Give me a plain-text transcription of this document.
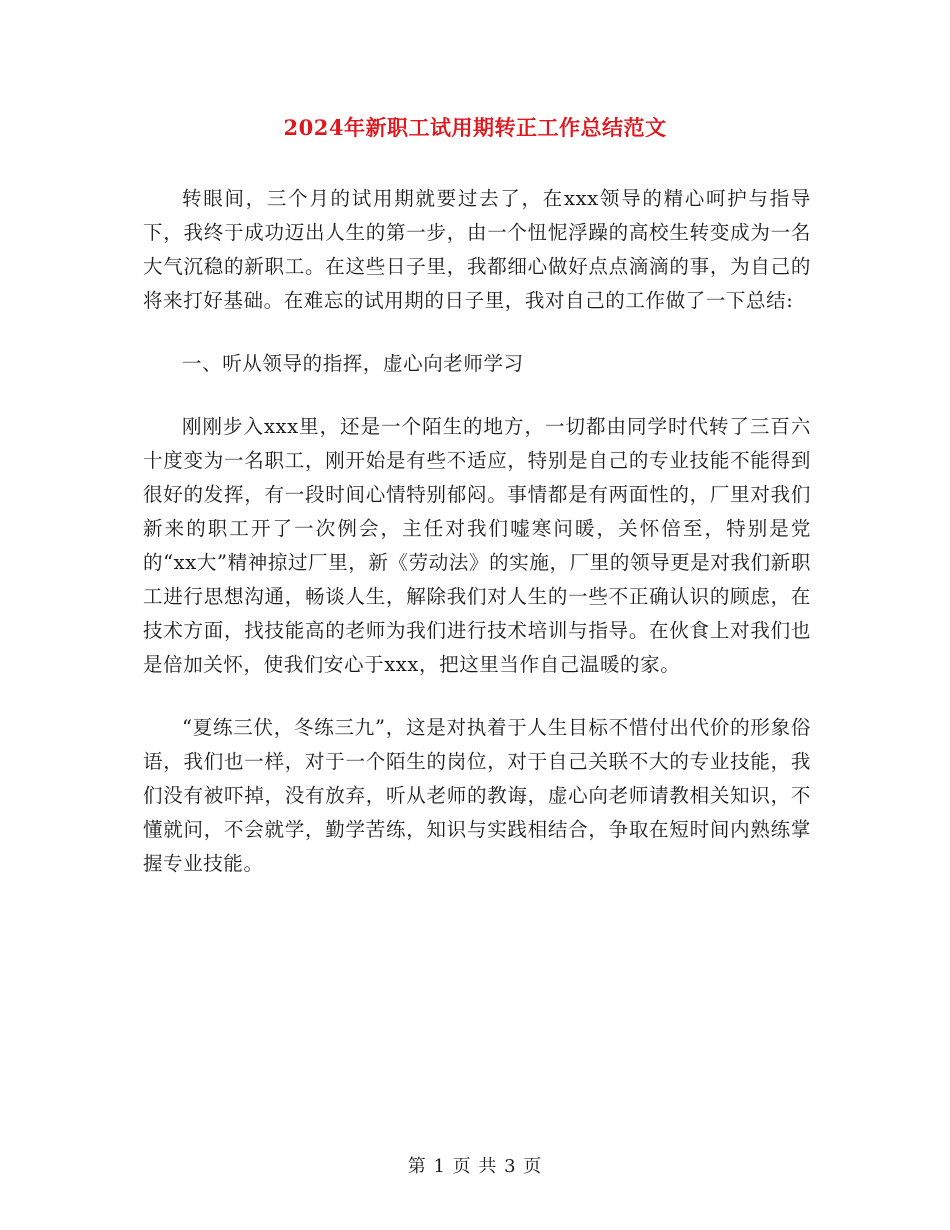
2024年新职工试用期转正工作总结范文

转眼间，三个月的试用期就要过去了，在xxx领导的精心呵护与指导下，我终于成功迈出人生的第一步，由一个忸怩浮躁的高校生转变成为一名大气沉稳的新职工。在这些日子里，我都细心做好点点滴滴的事，为自己的将来打好基础。在难忘的试用期的日子里，我对自己的工作做了一下总结:

一、听从领导的指挥，虚心向老师学习

刚刚步入xxx里，还是一个陌生的地方，一切都由同学时代转了三百六十度变为一名职工，刚开始是有些不适应，特别是自己的专业技能不能得到很好的发挥，有一段时间心情特别郁闷。事情都是有两面性的，厂里对我们新来的职工开了一次例会，主任对我们嘘寒问暖，关怀倍至，特别是党的“xx大”精神掠过厂里，新《劳动法》的实施，厂里的领导更是对我们新职工进行思想沟通，畅谈人生，解除我们对人生的一些不正确认识的顾虑，在技术方面，找技能高的老师为我们进行技术培训与指导。在伙食上对我们也是倍加关怀，使我们安心于xxx，把这里当作自己温暖的家。

“夏练三伏，冬练三九”，这是对执着于人生目标不惜付出代价的形象俗语，我们也一样，对于一个陌生的岗位，对于自己关联不大的专业技能，我们没有被吓掉，没有放弃，听从老师的教诲，虚心向老师请教相关知识，不懂就问，不会就学，勤学苦练，知识与实践相结合，争取在短时间内熟练掌握专业技能。

第 1 页 共 3 页
